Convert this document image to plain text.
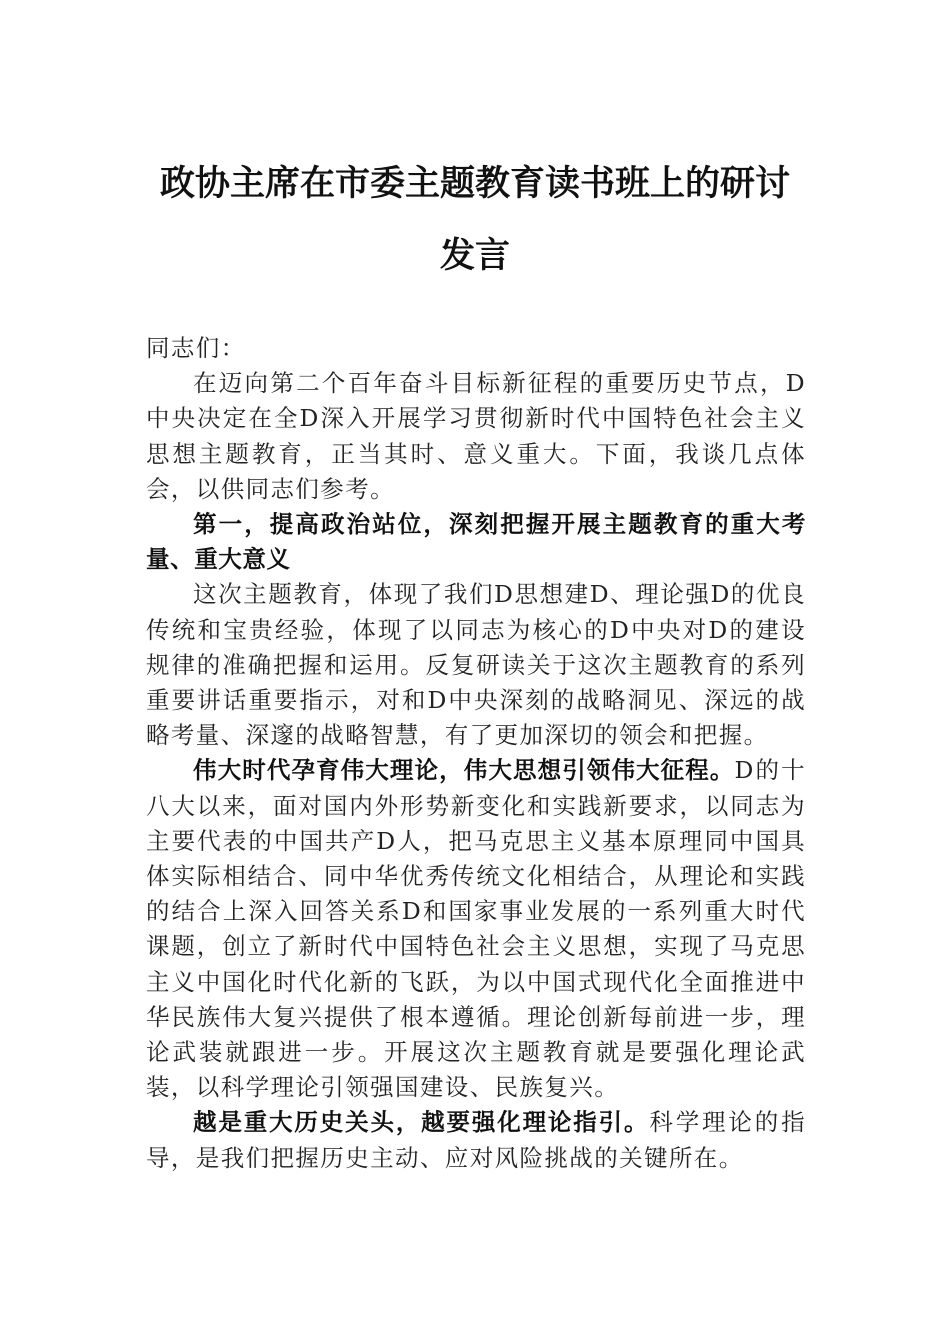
政协主席在市委主题教育读书班上的研讨
发言

同志们：

在迈向第二个百年奋斗目标新征程的重要历史节点，D中央决定在全D深入开展学习贯彻新时代中国特色社会主义思想主题教育，正当其时、意义重大。下面，我谈几点体会，以供同志们参考。

第一，提高政治站位，深刻把握开展主题教育的重大考量、重大意义

这次主题教育，体现了我们D思想建D、理论强D的优良传统和宝贵经验，体现了以同志为核心的D中央对D的建设规律的准确把握和运用。反复研读关于这次主题教育的系列重要讲话重要指示，对和D中央深刻的战略洞见、深远的战略考量、深邃的战略智慧，有了更加深切的领会和把握。

伟大时代孕育伟大理论，伟大思想引领伟大征程。D的十八大以来，面对国内外形势新变化和实践新要求，以同志为主要代表的中国共产D人，把马克思主义基本原理同中国具体实际相结合、同中华优秀传统文化相结合，从理论和实践的结合上深入回答关系D和国家事业发展的一系列重大时代课题，创立了新时代中国特色社会主义思想，实现了马克思主义中国化时代化新的飞跃，为以中国式现代化全面推进中华民族伟大复兴提供了根本遵循。理论创新每前进一步，理论武装就跟进一步。开展这次主题教育就是要强化理论武装，以科学理论引领强国建设、民族复兴。

越是重大历史关头，越要强化理论指引。科学理论的指导，是我们把握历史主动、应对风险挑战的关键所在。
